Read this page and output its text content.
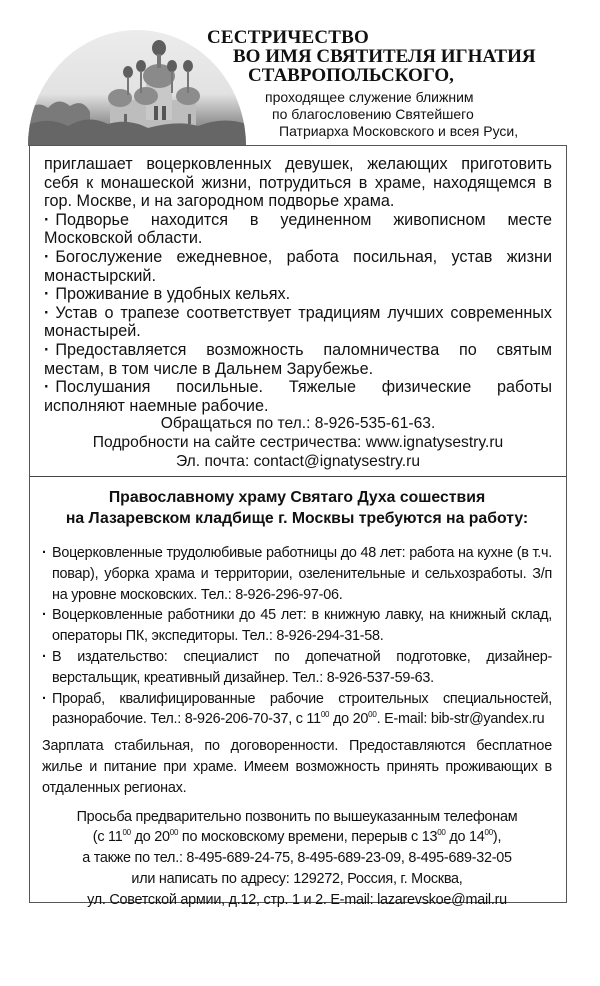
СЕСТРИЧЕСТВО
ВО ИМЯ СВЯТИТЕЛЯ ИГНАТИЯ
СТАВРОПОЛЬСКОГО,
проходящее служение ближним
по благословению Святейшего
Патриарха Московского и всея Руси,

приглашает воцерковленных девушек, желающих приготовить себя к монашеской жизни, потрудиться в храме, находящемся в гор. Москве, и на загородном подворье храма.

· Подворье находится в уединенном живописном месте Московской области.

· Богослужение ежедневное, работа посильная, устав жизни монастырский.

· Проживание в удобных кельях.

· Устав о трапезе соответствует традициям лучших современных монастырей.

· Предоставляется возможность паломничества по святым местам, в том числе в Дальнем Зарубежье.

· Послушания посильные. Тяжелые физические работы исполняют наемные рабочие.

Обращаться по тел.: 8-926-535-61-63.

Подробности на сайте сестричества: www.ignatysestry.ru

Эл. почта: contact@ignatysestry.ru

Православному храму Святаго Духа сошествия
на Лазаревском кладбище г. Москвы требуются на работу:

· Воцерковленные трудолюбивые работницы до 48 лет: работа на кухне (в т.ч. повар), уборка храма и территории, озеленительные и сельхозработы. З/п на уровне московских. Тел.: 8-926-296-97-06.

· Воцерковленные работники до 45 лет: в книжную лавку, на книжный склад, операторы ПК, экспедиторы. Тел.: 8-926-294-31-58.

· В издательство: специалист по допечатной подготовке, дизайнер-верстальщик, креативный дизайнер. Тел.: 8-926-537-59-63.

· Прораб, квалифицированные рабочие строительных специальностей, разнорабочие. Тел.: 8-926-206-70-37, с $11^{00}$ до $20^{00}$. E-mail: bib-str@yandex.ru

Зарплата стабильная, по договоренности. Предоставляются бесплатное жилье и питание при храме. Имеем возможность принять проживающих в отдаленных регионах.

Просьба предварительно позвонить по вышеуказанным телефонам
(с $11^{00}$ до $20^{00}$ по московскому времени, перерыв с $13^{00}$ до $14^{00}$),
а также по тел.: 8-495-689-24-75, 8-495-689-23-09, 8-495-689-32-05
или написать по адресу: 129272, Россия, г. Москва,
ул. Советской армии, д.12, стр. 1 и 2. E-mail: lazarevskoe@mail.ru
